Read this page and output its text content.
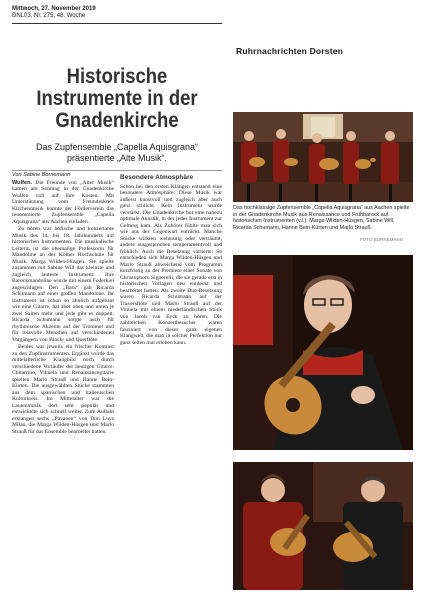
Mittwoch, 27. November 2019
DNL03, Nr. 275, 48. Woche
Ruhrnachrichten Dorsten
Historische
Instrumente in der
Gnadenkirche
Das Zupfensemble „Capella Aquisgrana“
präsentierte „Alte Musik“.
Von Sabine Bornemann

Wulfen. Die Freunde von „Alter Musik“ kamen am Sonntag in der Gnadenkirche Wulfen voll auf ihre Kosten. Mit Unterstützung vom Freundeskreis Kirchenmusik konnte der Förderverein das renommierte Zupfensemble „Capella Aquisgrana“ aus Aachen einladen.

Zu hören war höfische und konzertante Musik des 14. bis 18. Jahrhunderts auf historischen Instrumenten. Die musikalische Leiterin ist die ehemalige Professorin für Mandoline an der Kölner Hochschule für Musik. Marga Wilden-Hüsgen. Sie spielte zusammen mit Sabine Will das kleinste und zugleich lauteste Instrument: Ihre Barockmandoline wurde mit einem Federkiel angeschlagen. Den „Bass“ gab Ricarda Schumann auf einer großen Mandolone. Ihr Instrument ist schon so ähnlich aufgebaut wie eine Gitarre, hat aber oben und unten je zwei Saiten mehr und jede gibt es doppelt. Ricarda Schumann sorgte auch für rhythmische Akzente auf der Trommel und für reizvolle Melodien auf verschiedenen Vorgängern von Block- und Querflöte.

Beides war jeweils ein frischer Kontrast zu den Zupfinstrumenten. Ergänzt wurde das mittelalterliche Klangbild noch durch verschiedene Vorläufer der heutigen Gitarre: Chitarrino, Vihuela und Renaissancegitarre spielten Marlo Strauß und Hanne Bein-Kürten. Die ausgewählten Stücke stammten aus dem spanischen und italienischen Kulturkreis. Im Mittelalter war die Lautenmusik dort sehr populär und entwickelte sich schnell weiter. Zum Auftakt erklangen sechs „Pavanen“ von Don Luys Milán, die Marga Wilden-Hüsgen und Marlo Strauß für das Ensemble bearbeitet hatten.

Besondere Atmosphäre

Schon bei den ersten Klängen entstand eine besondere Atmosphäre: Diese Musik war äußerst kunstvoll und zugleich aber auch ganz schlicht. Kein Instrument wurde verstärkt. Die Gnadenkirche bot eine nahezu optimale Akustik, in der jedes Instrument zur Geltung kam. Als Zuhörer fühlte man sich wie aus der Gegenwart entrückt. Manche Stücke wirkten wehmütig oder verträumt, andere ausgesprochen temperamentvoll und fröhlich. Auch die Besetzung variierte: So entschieden sich Marga Wilden-Hüsgen und Marlo Strauß abweichend vom Programm kurzfristig zu der Premiere einer Sonate von Christophoro Signorelli, die sie gerade erst in historischen Vorlagen neu entdeckt und bearbeitet hatten. Als zweite Duo-Besetzung waren Ricarda Schumann auf der Traversflöte und Marlo Strauß auf der Vihuela mit einem niederländischen Stück von Jacob van Eyck zu hören. Die zahlreichen Konzertbesucher waren fasziniert von dieser ganz eigenen Klangwelt, die man in solcher Perfektion nur ganz selten mal erleben kann.

Das hochklassige Zupfensemble „Capella Aquisgrana“ aus Aachen spielte in der Gnadenkirche Musik aus Renaissance und Frühbarock auf historischen Instrumenten (v.l.): Marga Wilden-Hüsgen, Sabine Will, Ricarda Schumann, Hanne Bein-Kürten und Marlo Strauß.
FOTO BORNEMANN
